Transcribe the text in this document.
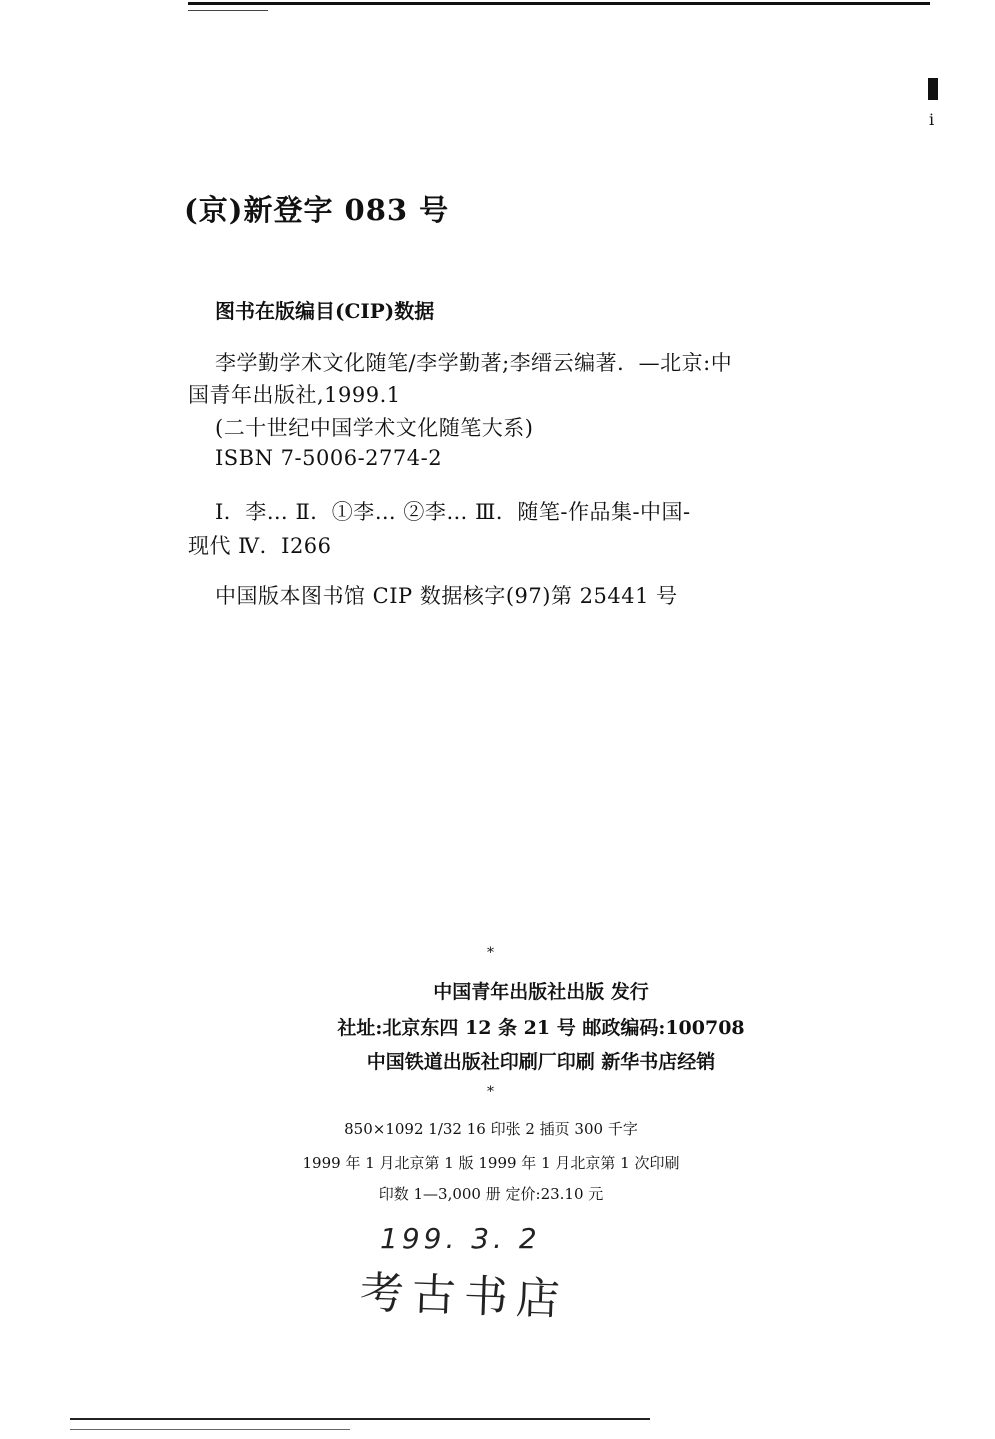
i
(京)新登字 083 号
图书在版编目(CIP)数据
李学勤学术文化随笔/李学勤著;李缙云编著．—北京:中
国青年出版社,1999.1
(二十世纪中国学术文化随笔大系)
ISBN 7-5006-2774-2
Ⅰ．李… Ⅱ．①李… ②李… Ⅲ．随笔-作品集-中国-
现代 Ⅳ．I266
中国版本图书馆 CIP 数据核字(97)第 25441 号
*
中国青年出版社出版 发行
社址:北京东四 12 条 21 号 邮政编码:100708
中国铁道出版社印刷厂印刷 新华书店经销
*
850×1092 1/32 16 印张 2 插页 300 千字
1999 年 1 月北京第 1 版 1999 年 1 月北京第 1 次印刷
印数 1—3,000 册 定价:23.10 元
199. 3. 2
考古书店
